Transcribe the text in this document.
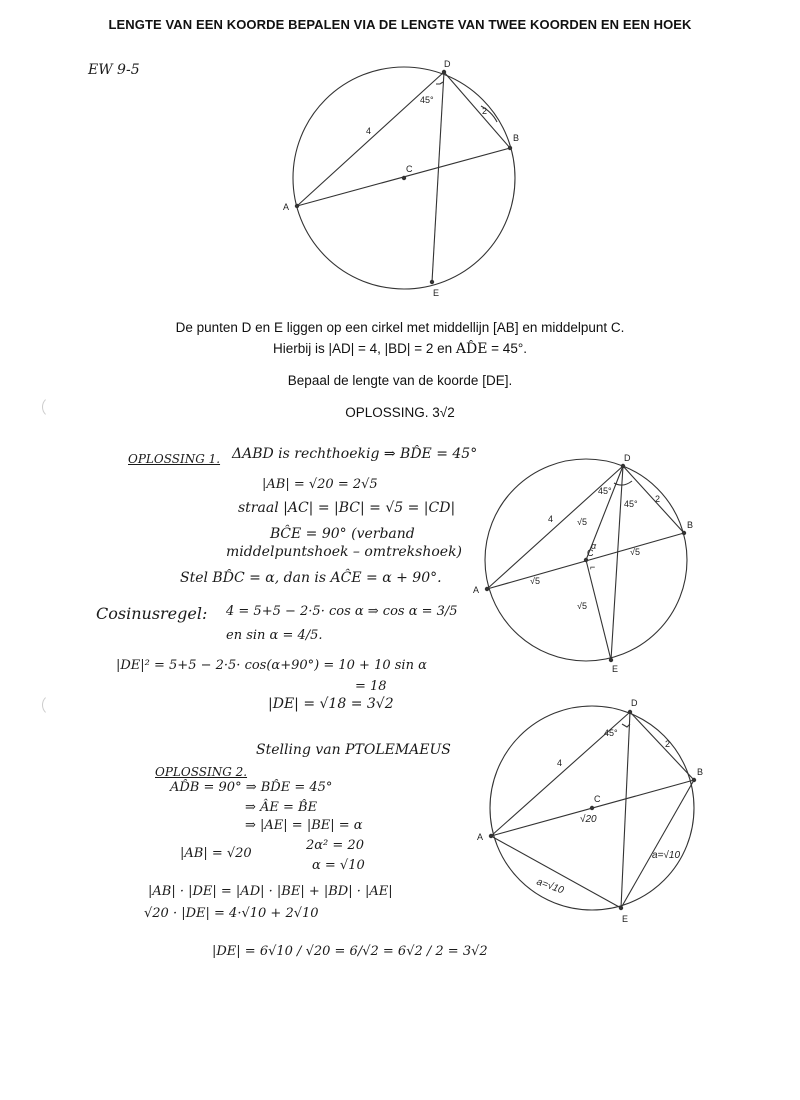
LENGTE VAN EEN KOORDE BEPALEN VIA DE LENGTE VAN TWEE KOORDEN EN EEN HOEK
EW 9-5
A
B
C
D
E
4
2
45°
A
B
C
D
E
4
2
45°
45°
√5
√5
√5
√5
α
⌐
A
B
C
D
E
4
2
45°
√20
a=√10
a=√10
De punten D en E liggen op een cirkel met middellijn [AB] en middelpunt C.
Hierbij is |AD| = 4, |BD| = 2 en AD̂E = 45°.
Bepaal de lengte van de koorde [DE].
OPLOSSING. 3√2
OPLOSSING 1. ΔABD is rechthoekig ⇒ BD̂E = 45°
|AB| = √20 = 2√5
straal |AC| = |BC| = √5 = |CD|
BĈE = 90° (verband
middelpuntshoek – omtrekshoek)
Stel BD̂C = α, dan is AĈE = α + 90°.
Cosinusregel: 4 = 5+5 − 2·5· cos α ⇒ cos α = 3/5
en sin α = 4/5.
|DE|² = 5+5 − 2·5· cos(α+90°) = 10 + 10 sin α
= 18
|DE| = √18 = 3√2
OPLOSSING 2.
Stelling van PTOLEMAEUS
AD̂B = 90° ⇒ BD̂E = 45°
⇒ ÂE = B̂E
⇒ |AE| = |BE| = α
|AB| = √20
2α² = 20
α = √10
|AB| · |DE| = |AD| · |BE| + |BD| · |AE|
√20 · |DE| = 4·√10 + 2√10
|DE| = 6√10 / √20 = 6/√2 = 6√2 / 2 = 3√2
